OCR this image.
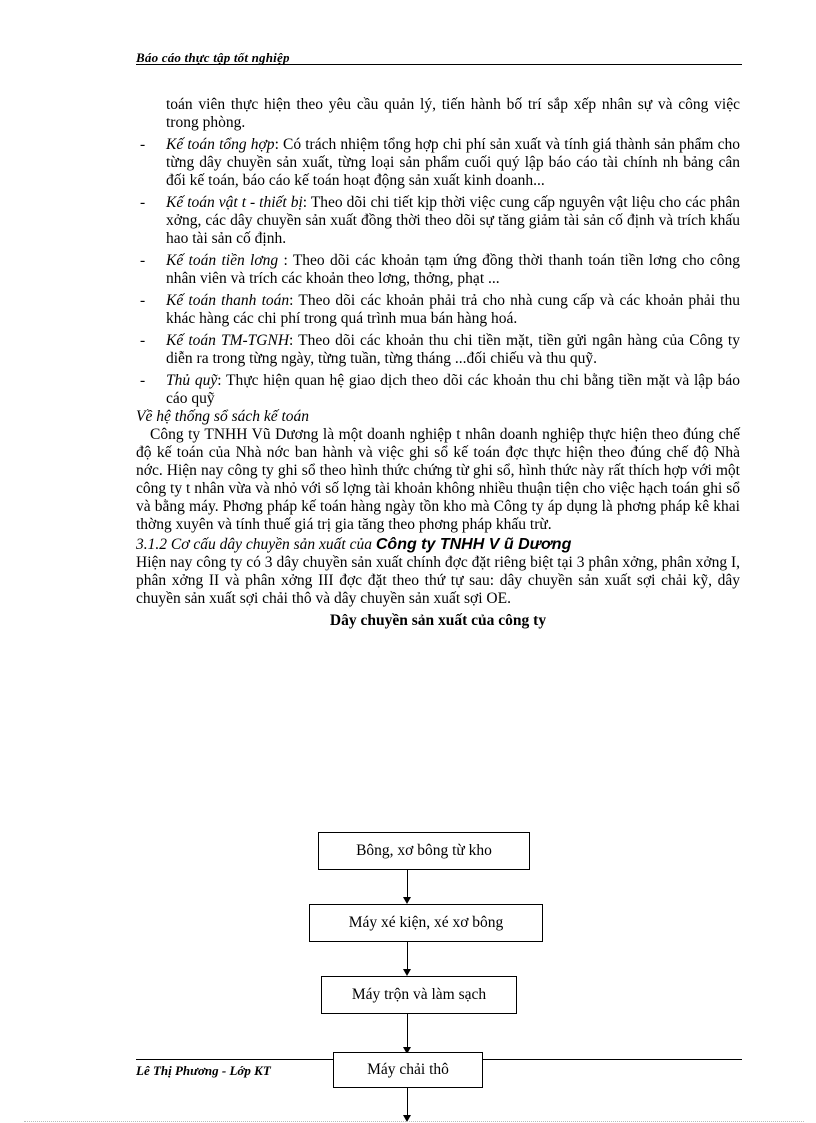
Báo cáo thực tập tốt nghiệp

toán viên thực hiện theo yêu cầu quản lý, tiến hành bố trí sắp xếp nhân sự và công việc trong phòng.

- Kế toán tổng hợp: Có trách nhiệm tổng hợp chi phí sản xuất và tính giá thành sản phẩm cho từng dây chuyền sản xuất, từng loại sản phẩm cuối quý lập báo cáo tài chính nh bảng cân đối kế toán, báo cáo kế toán hoạt động sản xuất kinh doanh...
- Kế toán vật t - thiết bị: Theo dõi chi tiết kịp thời việc cung cấp nguyên vật liệu cho các phân xởng, các dây chuyền sản xuất đồng thời theo dõi sự tăng giảm tài sản cố định và trích khấu hao tài sản cố định.
- Kế toán tiền lơng : Theo dõi các khoản tạm ứng đồng thời thanh toán tiền lơng cho công nhân viên và trích các khoản theo lơng, thởng, phạt ...
- Kế toán thanh toán: Theo dõi các khoản phải trả cho nhà cung cấp và các khoản phải thu khác hàng các chi phí trong quá trình mua bán hàng hoá.
- Kế toán TM-TGNH: Theo dõi các khoản thu chi tiền mặt, tiền gửi ngân hàng của Công ty diễn ra trong từng ngày, từng tuần, từng tháng ...đối chiếu và thu quỹ.
- Thủ quỹ: Thực hiện quan hệ giao dịch theo dõi các khoản thu chi bằng tiền mặt và lập báo cáo quỹ
Về hệ thống sổ sách kế toán

Công ty TNHH Vũ Dương là một doanh nghiệp t nhân doanh nghiệp thực hiện theo đúng chế độ kế toán của Nhà nớc ban hành và việc ghi sổ kế toán đợc thực hiện theo đúng chế độ Nhà nớc. Hiện nay công ty ghi sổ theo hình thức chứng từ ghi sổ, hình thức này rất thích hợp với một công ty t nhân vừa và nhỏ với số lợng tài khoản không nhiều thuận tiện cho việc hạch toán ghi sổ và bằng máy. Phơng pháp kế toán hàng ngày tồn kho mà Công ty áp dụng là phơng pháp kê khai thờng xuyên và tính thuế giá trị gia tăng theo phơng pháp khấu trừ.

3.1.2 Cơ cấu dây chuyền sản xuất của Công ty TNHH V ũ Dương

Hiện nay công ty có 3 dây chuyền sản xuất chính đợc đặt riêng biệt tại 3 phân xởng, phân xởng I, phân xởng II và phân xởng III đợc đặt theo thứ tự sau: dây chuyền sản xuất sợi chải kỹ, dây chuyền sản xuất sợi chải thô và dây chuyền sản xuất sợi OE.

Dây chuyền sản xuất của công ty
Bông, xơ bông từ kho
Máy xé kiện, xé xơ bông
Máy trộn và làm sạch
Lê Thị Phương - Lớp KT	Máy chải thô
